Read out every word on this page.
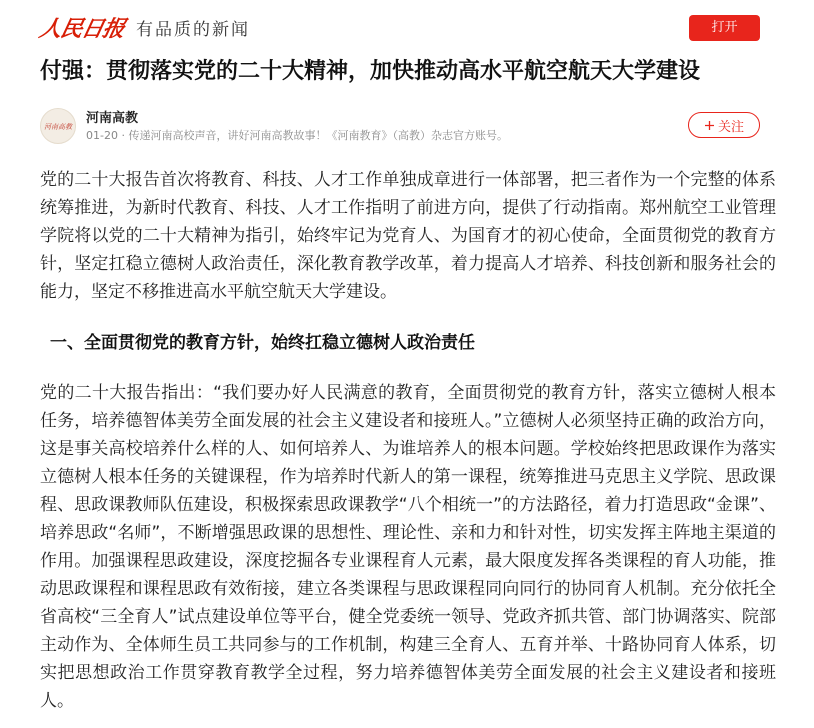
人民日报 有品质的新闻	打开
付强：贯彻落实党的二十大精神，加快推动高水平航空航天大学建设
河南高教
河南高教
01-20 · 传递河南高校声音，讲好河南高教故事！《河南教育》（高教）杂志官方账号。
关注

党的二十大报告首次将教育、科技、人才工作单独成章进行一体部署，把三者作为一个完整的体系统筹推进，为新时代教育、科技、人才工作指明了前进方向，提供了行动指南。郑州航空工业管理学院将以党的二十大精神为指引，始终牢记为党育人、为国育才的初心使命，全面贯彻党的教育方针，坚定扛稳立德树人政治责任，深化教育教学改革，着力提高人才培养、科技创新和服务社会的能力，坚定不移推进高水平航空航天大学建设。

一、全面贯彻党的教育方针，始终扛稳立德树人政治责任

党的二十大报告指出：“我们要办好人民满意的教育，全面贯彻党的教育方针，落实立德树人根本任务，培养德智体美劳全面发展的社会主义建设者和接班人。”立德树人必须坚持正确的政治方向，这是事关高校培养什么样的人、如何培养人、为谁培养人的根本问题。学校始终把思政课作为落实立德树人根本任务的关键课程，作为培养时代新人的第一课程，统筹推进马克思主义学院、思政课程、思政课教师队伍建设，积极探索思政课教学“八个相统一”的方法路径，着力打造思政“金课”、培养思政“名师”，不断增强思政课的思想性、理论性、亲和力和针对性，切实发挥主阵地主渠道的作用。加强课程思政建设，深度挖掘各专业课程育人元素，最大限度发挥各类课程的育人功能，推动思政课程和课程思政有效衔接，建立各类课程与思政课程同向同行的协同育人机制。充分依托全省高校“三全育人”试点建设单位等平台，健全党委统一领导、党政齐抓共管、部门协调落实、院部主动作为、全体师生员工共同参与的工作机制，构建三全育人、五育并举、十路协同育人体系，切实把思想政治工作贯穿教育教学全过程，努力培养德智体美劳全面发展的社会主义建设者和接班人。
